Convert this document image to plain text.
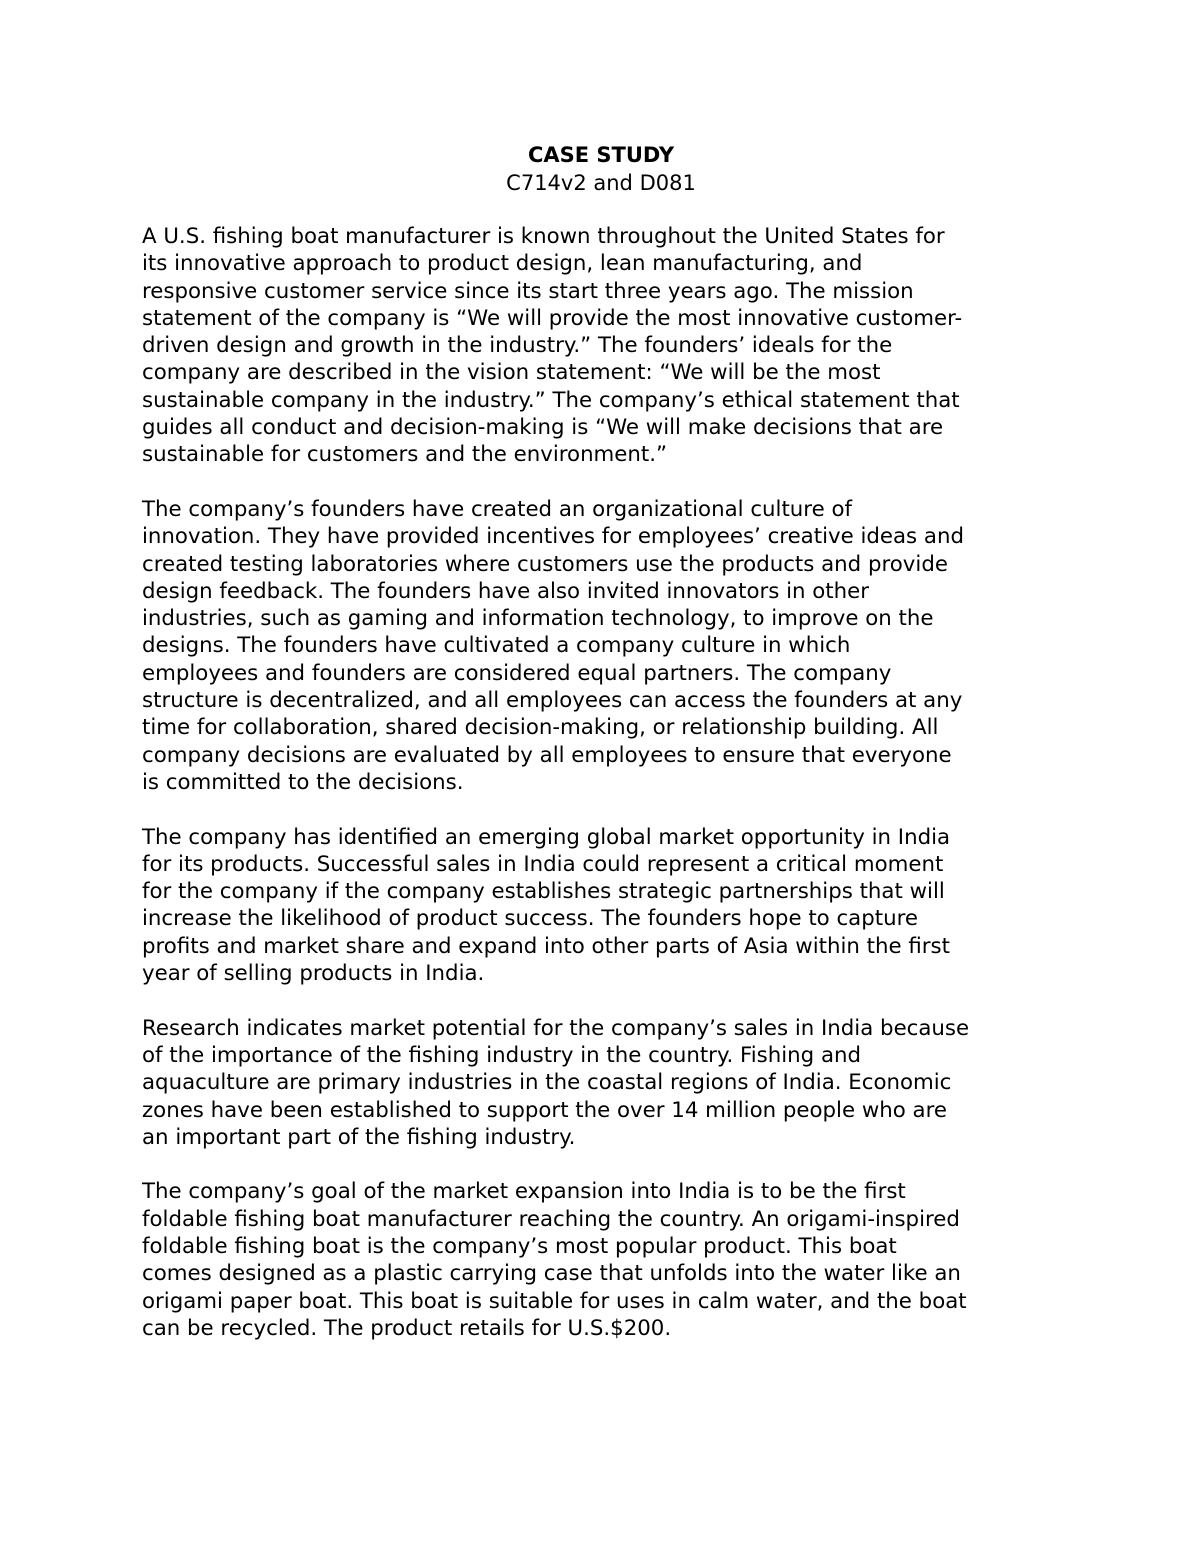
CASE STUDY

C714v2 and D081

A U.S. fishing boat manufacturer is known throughout the United States for
its innovative approach to product design, lean manufacturing, and
responsive customer service since its start three years ago. The mission
statement of the company is “We will provide the most innovative customer-
driven design and growth in the industry.” The founders’ ideals for the
company are described in the vision statement: “We will be the most
sustainable company in the industry.” The company’s ethical statement that
guides all conduct and decision-making is “We will make decisions that are
sustainable for customers and the environment.”

The company’s founders have created an organizational culture of
innovation. They have provided incentives for employees’ creative ideas and
created testing laboratories where customers use the products and provide
design feedback. The founders have also invited innovators in other
industries, such as gaming and information technology, to improve on the
designs. The founders have cultivated a company culture in which
employees and founders are considered equal partners. The company
structure is decentralized, and all employees can access the founders at any
time for collaboration, shared decision-making, or relationship building. All
company decisions are evaluated by all employees to ensure that everyone
is committed to the decisions.

The company has identified an emerging global market opportunity in India
for its products. Successful sales in India could represent a critical moment
for the company if the company establishes strategic partnerships that will
increase the likelihood of product success. The founders hope to capture
profits and market share and expand into other parts of Asia within the first
year of selling products in India.

Research indicates market potential for the company’s sales in India because
of the importance of the fishing industry in the country. Fishing and
aquaculture are primary industries in the coastal regions of India. Economic
zones have been established to support the over 14 million people who are
an important part of the fishing industry.

The company’s goal of the market expansion into India is to be the first
foldable fishing boat manufacturer reaching the country. An origami-inspired
foldable fishing boat is the company’s most popular product. This boat
comes designed as a plastic carrying case that unfolds into the water like an
origami paper boat. This boat is suitable for uses in calm water, and the boat
can be recycled. The product retails for U.S.$200.
